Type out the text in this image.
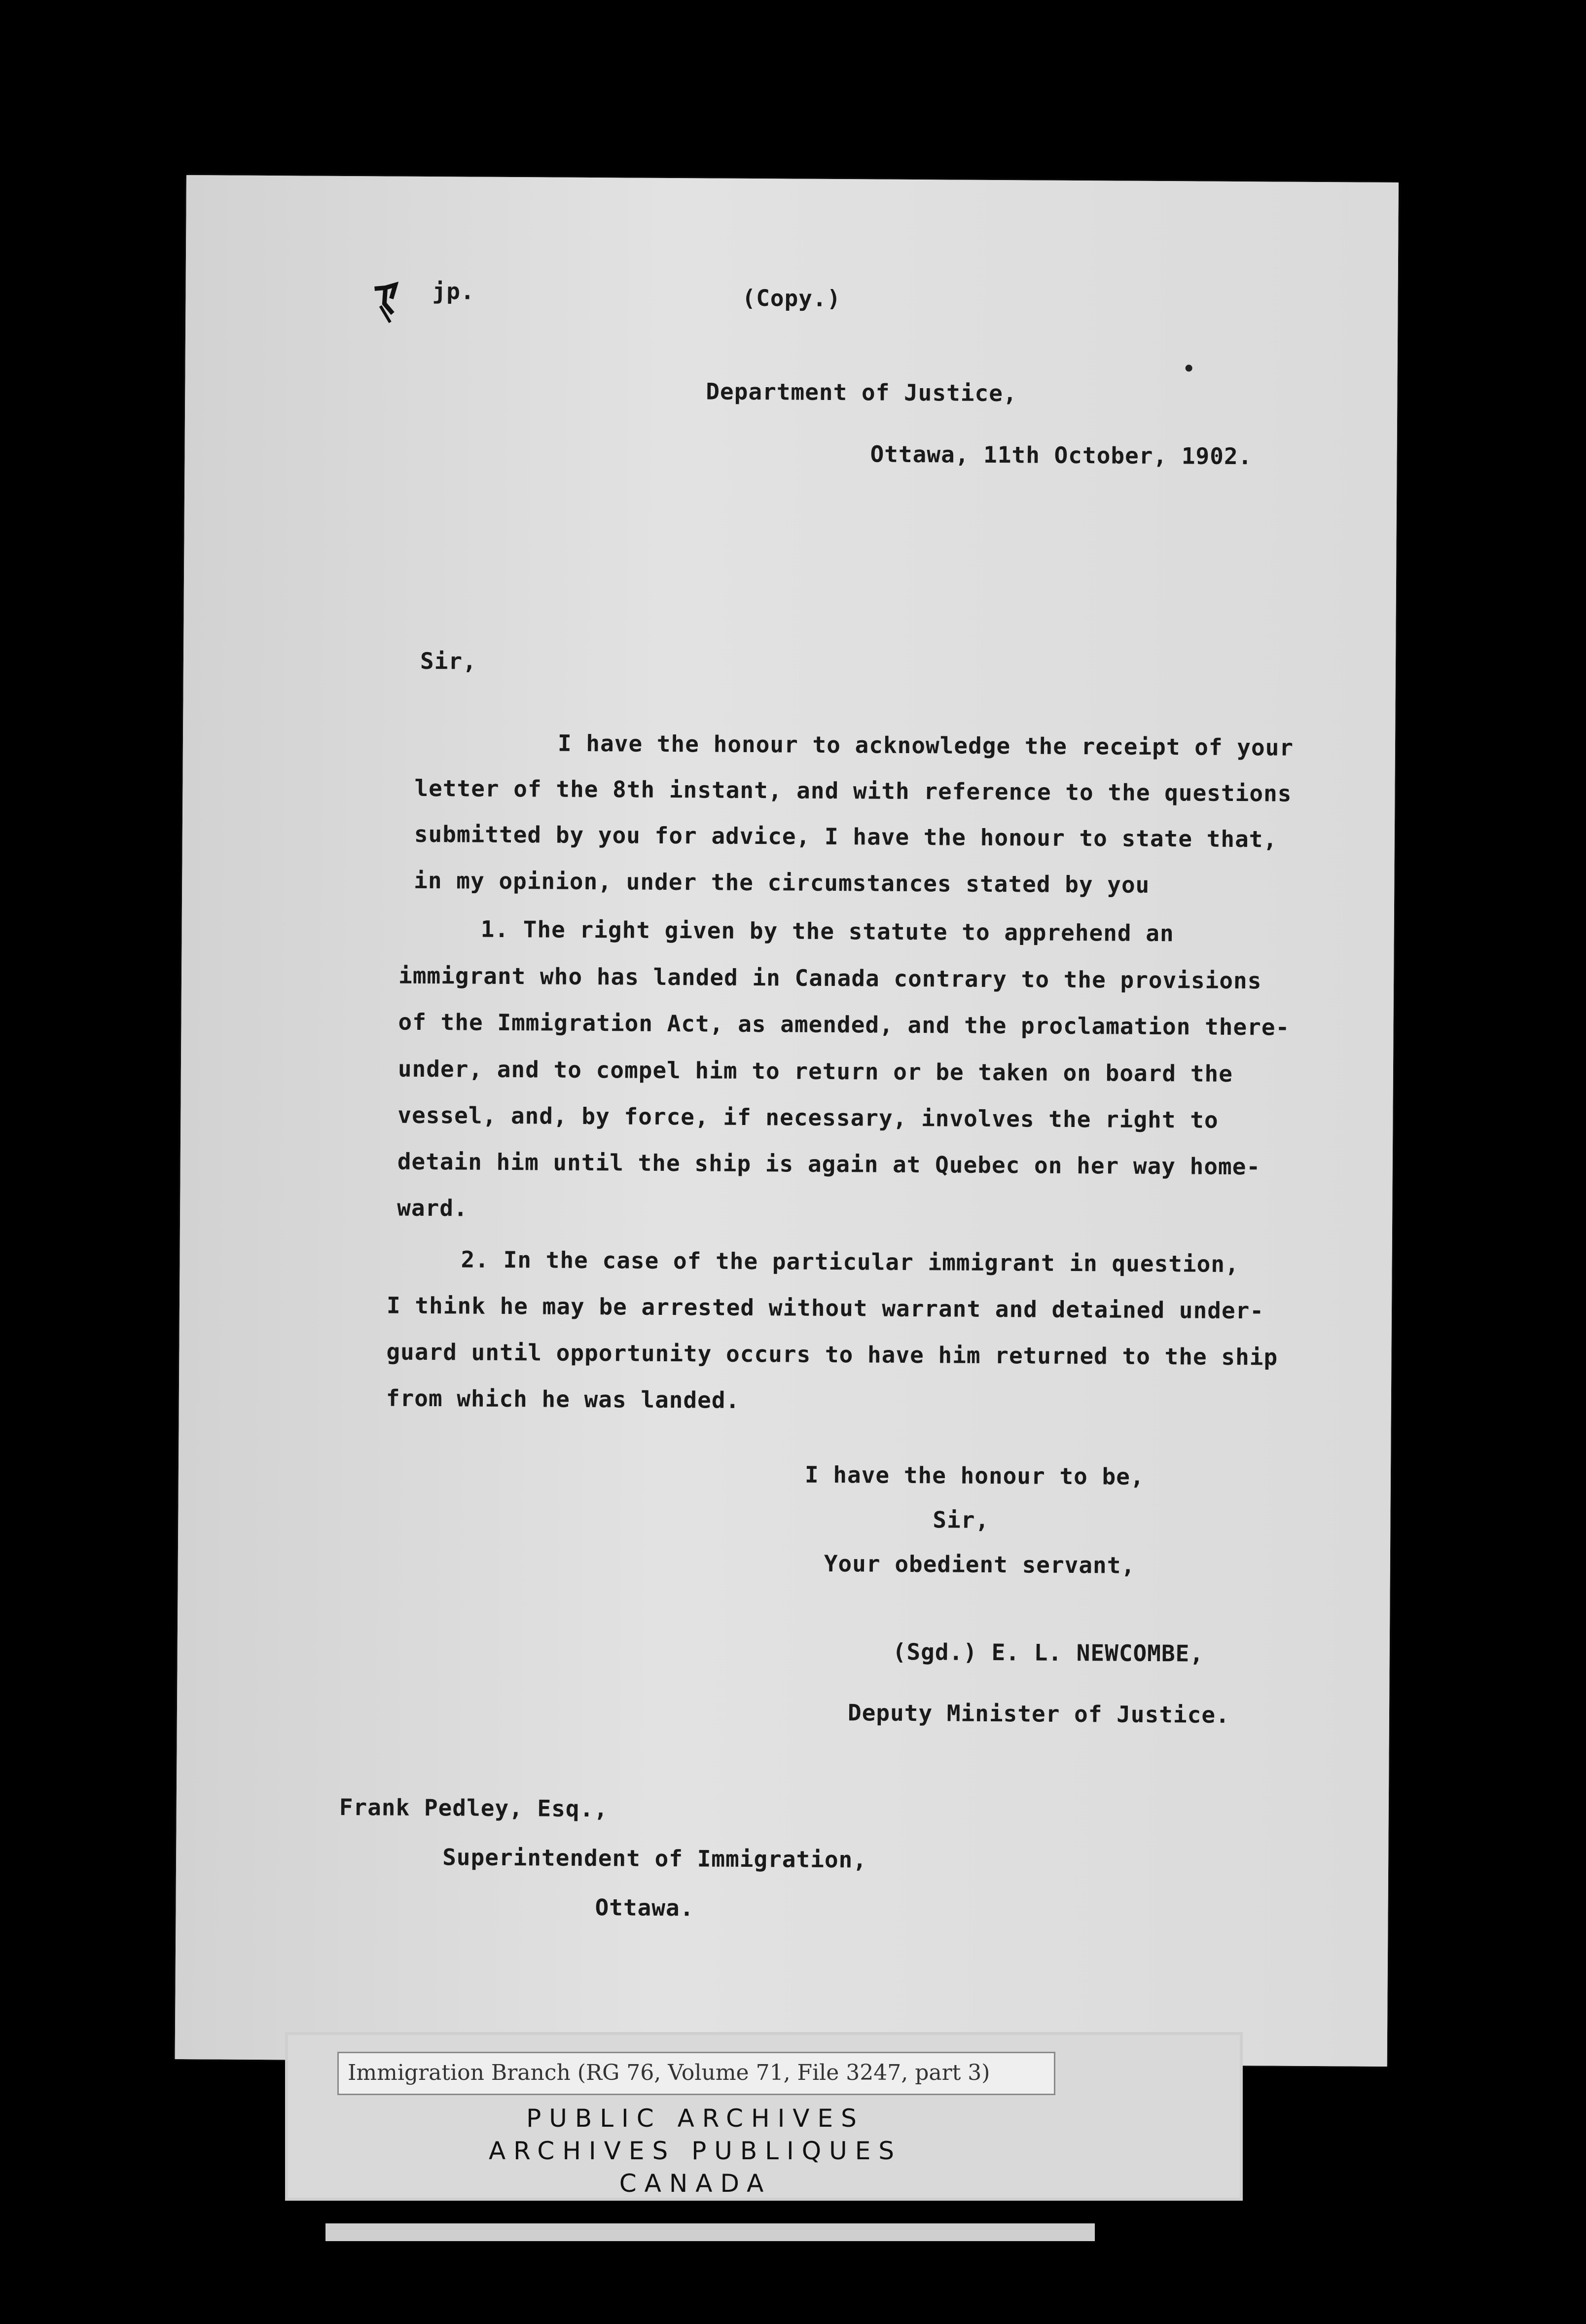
jp.	(Copy.)
Department of Justice,
Ottawa, 11th October, 1902.
Sir,
I have the honour to acknowledge the receipt of your
letter of the 8th instant, and with reference to the questions
submitted by you for advice, I have the honour to state that,
in my opinion, under the circumstances stated by you
1. The right given by the statute to apprehend an
immigrant who has landed in Canada contrary to the provisions
of the Immigration Act, as amended, and the proclamation there-
under, and to compel him to return or be taken on board the
vessel, and, by force, if necessary, involves the right to
detain him until the ship is again at Quebec on her way home-
ward.
2. In the case of the particular immigrant in question,
I think he may be arrested without warrant and detained under-
guard until opportunity occurs to have him returned to the ship
from which he was landed.
I have the honour to be,
Sir,
Your obedient servant,
(Sgd.) E. L. NEWCOMBE,
Deputy Minister of Justice.
Frank Pedley, Esq.,
Superintendent of Immigration,
Ottawa.
Immigration Branch (RG 76, Volume 71, File 3247, part 3)
PUBLIC ARCHIVES
ARCHIVES PUBLIQUES
CANADA
